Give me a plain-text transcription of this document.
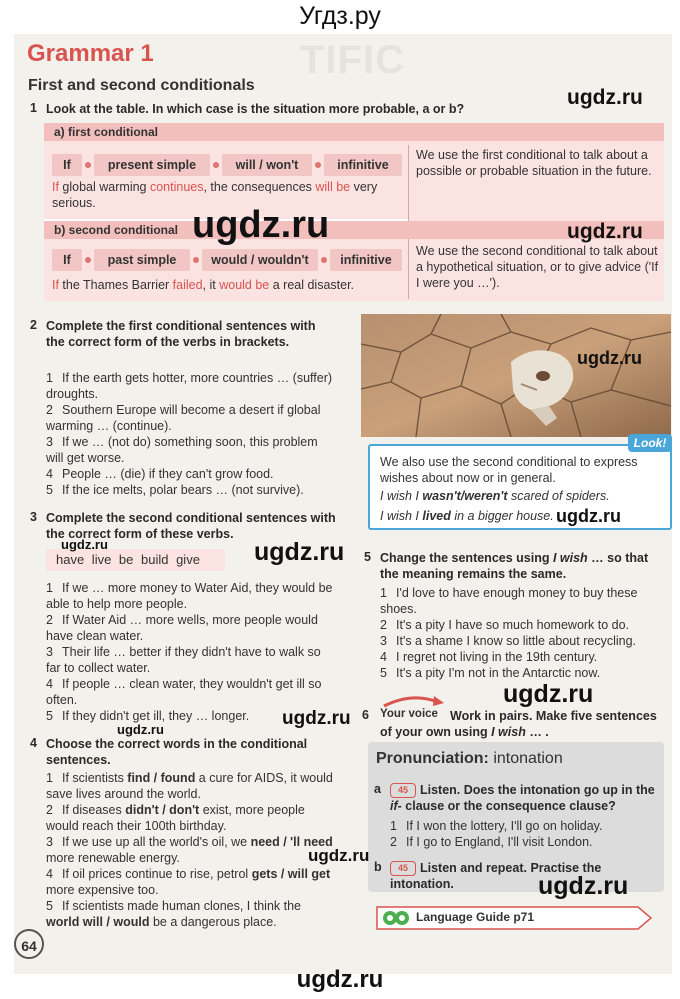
Угдз.ру
TIFIC
Grammar 1
First and second conditionals
1 Look at the table. In which case is the situation more probable, a or b?
a) first conditional
If	present simple	will / won't	infinitive
If global warming continues, the consequences will be very serious.
We use the first conditional to talk about a possible or probable situation in the future.
b) second conditional
If	past simple	would / wouldn't	infinitive
If the Thames Barrier failed, it would be a real disaster.
We use the second conditional to talk about a hypothetical situation, or to give advice ('If I were you …').
2 Complete the first conditional sentences with the correct form of the verbs in brackets.
1 If the earth gets hotter, more countries … (suffer) droughts.
2 Southern Europe will become a desert if global warming … (continue).
3 If we … (not do) something soon, this problem will get worse.
4 People … (die) if they can't grow food.
5 If the ice melts, polar bears … (not survive).
We also use the second conditional to express wishes about now or in general.
I wish I wasn't/weren't scared of spiders.
I wish I lived in a bigger house.
Look!
3 Complete the second conditional sentences with the correct form of these verbs.
have live be build give
1 If we … more money to Water Aid, they would be able to help more people.
2 If Water Aid … more wells, more people would have clean water.
3 Their life … better if they didn't have to walk so far to collect water.
4 If people … clean water, they wouldn't get ill so often.
5 If they didn't get ill, they … longer.
4 Choose the correct words in the conditional sentences.
1 If scientists find / found a cure for AIDS, it would save lives around the world.
2 If diseases didn't / don't exist, more people would reach their 100th birthday.
3 If we use up all the world's oil, we need / 'll need more renewable energy.
4 If oil prices continue to rise, petrol gets / will get more expensive too.
5 If scientists made human clones, I think the world will / would be a dangerous place.
5 Change the sentences using I wish … so that the meaning remains the same.
1 I'd love to have enough money to buy these shoes.
2 It's a pity I have so much homework to do.
3 It's a shame I know so little about recycling.
4 I regret not living in the 19th century.
5 It's a pity I'm not in the Antarctic now.
6 Your voice Work in pairs. Make five sentences of your own using I wish … .
Pronunciation: intonation
a	45 Listen. Does the intonation go up in the if- clause or the consequence clause?
1 If I won the lottery, I'll go on holiday.
2 If I go to England, I'll visit London.
b	45 Listen and repeat. Practise the intonation.
Language Guide p71
64
ugdz.ru
ugdz.ru	ugdz.ru
ugdz.ru
ugdz.ru
ugdz.ru	ugdz.ru
ugdz.ru
ugdz.ru
ugdz.ru
ugdz.ru
ugdz.ru
ugdz.ru
